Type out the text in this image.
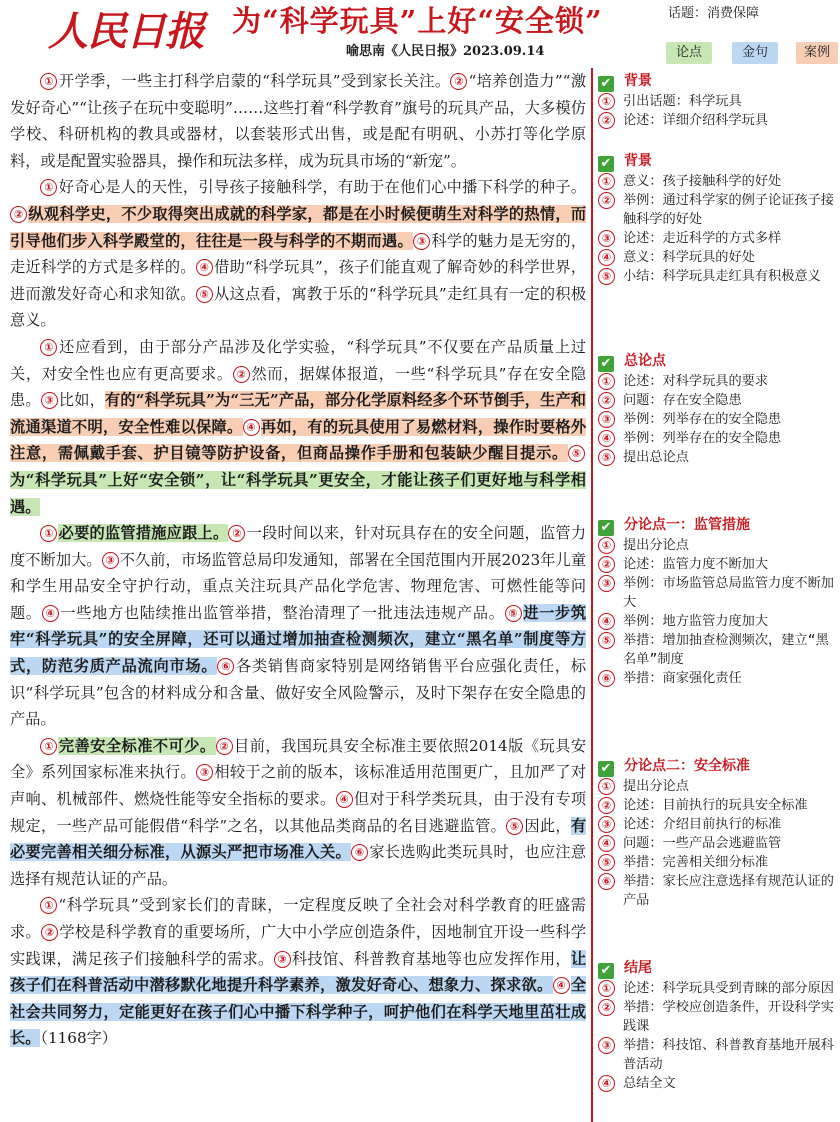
人民日报 为“科学玩具”上好“安全锁”
喻思南《人民日报》2023.09.14
话题：消费保障
论点	金句	案例

① 开学季，一些主打科学启蒙的“科学玩具”受到家长关注。 ② “培养创造力”“激发好奇心”“让孩子在玩中变聪明”……这些打着“科学教育”旗号的玩具产品，大多模仿学校、科研机构的教具或器材，以套装形式出售，或是配有明矾、小苏打等化学原料，或是配置实验器具，操作和玩法多样，成为玩具市场的“新宠”。

① 好奇心是人的天性，引导孩子接触科学，有助于在他们心中播下科学的种子。② 纵观科学史，不少取得突出成就的科学家，都是在小时候便萌生对科学的热情，而引导他们步入科学殿堂的，往往是一段与科学的不期而遇。 ③ 科学的魅力是无穷的，走近科学的方式是多样的。 ④ 借助“科学玩具”，孩子们能直观了解奇妙的科学世界，进而激发好奇心和求知欲。 ⑤ 从这点看，寓教于乐的“科学玩具”走红具有一定的积极意义。

① 还应看到，由于部分产品涉及化学实验，“科学玩具”不仅要在产品质量上过关，对安全性也应有更高要求。 ② 然而，据媒体报道，一些“科学玩具”存在安全隐患。 ③ 比如，有的“科学玩具”为“三无”产品，部分化学原料经多个环节倒手，生产和流通渠道不明，安全性难以保障。 ④ 再如，有的玩具使用了易燃材料，操作时要格外注意，需佩戴手套、护目镜等防护设备，但商品操作手册和包装缺少醒目提示。 ⑤为“科学玩具”上好“安全锁”，让“科学玩具”更安全，才能让孩子们更好地与科学相遇。

① 必要的监管措施应跟上。 ② 一段时间以来，针对玩具存在的安全问题，监管力度不断加大。 ③ 不久前，市场监管总局印发通知，部署在全国范围内开展2023年儿童和学生用品安全守护行动，重点关注玩具产品化学危害、物理危害、可燃性能等问题。 ④ 一些地方也陆续推出监管举措，整治清理了一批违法违规产品。 ⑤ 进一步筑牢“科学玩具”的安全屏障，还可以通过增加抽查检测频次，建立“黑名单”制度等方式，防范劣质产品流向市场。 ⑥ 各类销售商家特别是网络销售平台应强化责任，标识“科学玩具”包含的材料成分和含量、做好安全风险警示，及时下架存在安全隐患的产品。

① 完善安全标准不可少。 ② 目前，我国玩具安全标准主要依照2014版《玩具安全》系列国家标准来执行。 ③ 相较于之前的版本，该标准适用范围更广，且加严了对声响、机械部件、燃烧性能等安全指标的要求。 ④ 但对于科学类玩具，由于没有专项规定，一些产品可能假借“科学”之名，以其他品类商品的名目逃避监管。 ⑤ 因此，有必要完善相关细分标准，从源头严把市场准入关。 ⑥ 家长选购此类玩具时，也应注意选择有规范认证的产品。

① “科学玩具”受到家长们的青睐，一定程度反映了全社会对科学教育的旺盛需求。 ② 学校是科学教育的重要场所，广大中小学应创造条件，因地制宜开设一些科学实践课，满足孩子们接触科学的需求。 ③ 科技馆、科普教育基地等也应发挥作用，让孩子们在科普活动中潜移默化地提升科学素养，激发好奇心、想象力、探求欲。 ④ 全社会共同努力，定能更好在孩子们心中播下科学种子，呵护他们在科学天地里茁壮成长。（1168字）

✔ 背景
① 引出话题：科学玩具
② 论述：详细介绍科学玩具
✔ 背景
① 意义：孩子接触科学的好处
② 举例：通过科学家的例子论证孩子接触科学的好处
③ 论述：走近科学的方式多样
④ 意义：科学玩具的好处
⑤ 小结：科学玩具走红具有积极意义
✔ 总论点
① 论述：对科学玩具的要求
② 问题：存在安全隐患
③ 举例：列举存在的安全隐患
④ 举例：列举存在的安全隐患
⑤ 提出总论点
✔ 分论点一：监管措施
① 提出分论点
② 论述：监管力度不断加大
③ 举例：市场监管总局监管力度不断加大
④ 举例：地方监管力度加大
⑤ 举措：增加抽查检测频次，建立“黑名单”制度
⑥ 举措：商家强化责任
✔ 分论点二：安全标准
① 提出分论点
② 论述：目前执行的玩具安全标准
③ 论述：介绍目前执行的标准
④ 问题：一些产品会逃避监管
⑤ 举措：完善相关细分标准
⑥ 举措：家长应注意选择有规范认证的产品
✔ 结尾
① 论述：科学玩具受到青睐的部分原因
② 举措：学校应创造条件，开设科学实践课
③ 举措：科技馆、科普教育基地开展科普活动
④ 总结全文
